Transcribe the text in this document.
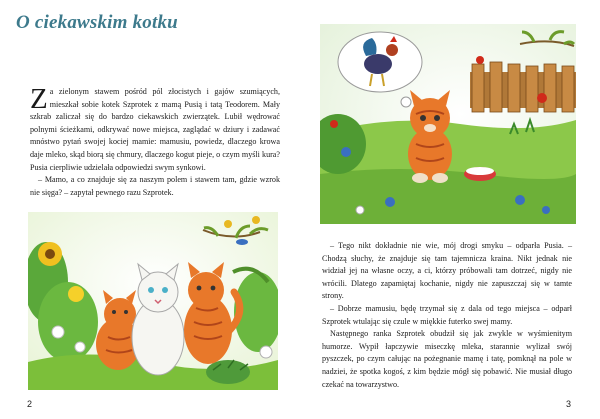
O ciekawskim kotku

Za zielonym stawem pośród pól złocistych i gajów szumiących, mieszkał sobie kotek Szprotek z mamą Pusią i tatą Teodorem. Mały szkrab zaliczał się do bardzo ciekawskich zwierzątek. Lubił wędrować polnymi ścieżkami, odkrywać nowe miejsca, zaglądać w dziury i zadawać mnóstwo pytań swojej kociej mamie: mamusiu, powiedz, dlaczego krowa daje mleko, skąd biorą się chmury, dlaczego kogut pieje, o czym myśli kura? Pusia cierpliwie udzielała odpowiedzi swym synkowi.

– Mamo, a co znajduje się za naszym polem i stawem tam, gdzie wzrok nie sięga? – zapytał pewnego razu Szprotek.

2

– Tego nikt dokładnie nie wie, mój drogi smyku – odparła Pusia. – Chodzą słuchy, że znajduje się tam tajemnicza kraina. Nikt jednak nie widział jej na własne oczy, a ci, którzy próbowali tam dotrzeć, nigdy nie wrócili. Dlatego zapamiętaj kochanie, nigdy nie zapuszczaj się w tamte strony.

– Dobrze mamusiu, będę trzymał się z dala od tego miejsca – odparł Szprotek wtulając się czule w miękkie futerko swej mamy.

Następnego ranka Szprotek obudził się jak zwykle w wyśmienitym humorze. Wypił łapczywie miseczkę mleka, starannie wylizał swój pyszczek, po czym całując na pożegnanie mamę i tatę, pomknął na pole w nadziei, że spotka kogoś, z kim będzie mógł się pobawić. Nie musiał długo czekać na towarzystwo.

3
